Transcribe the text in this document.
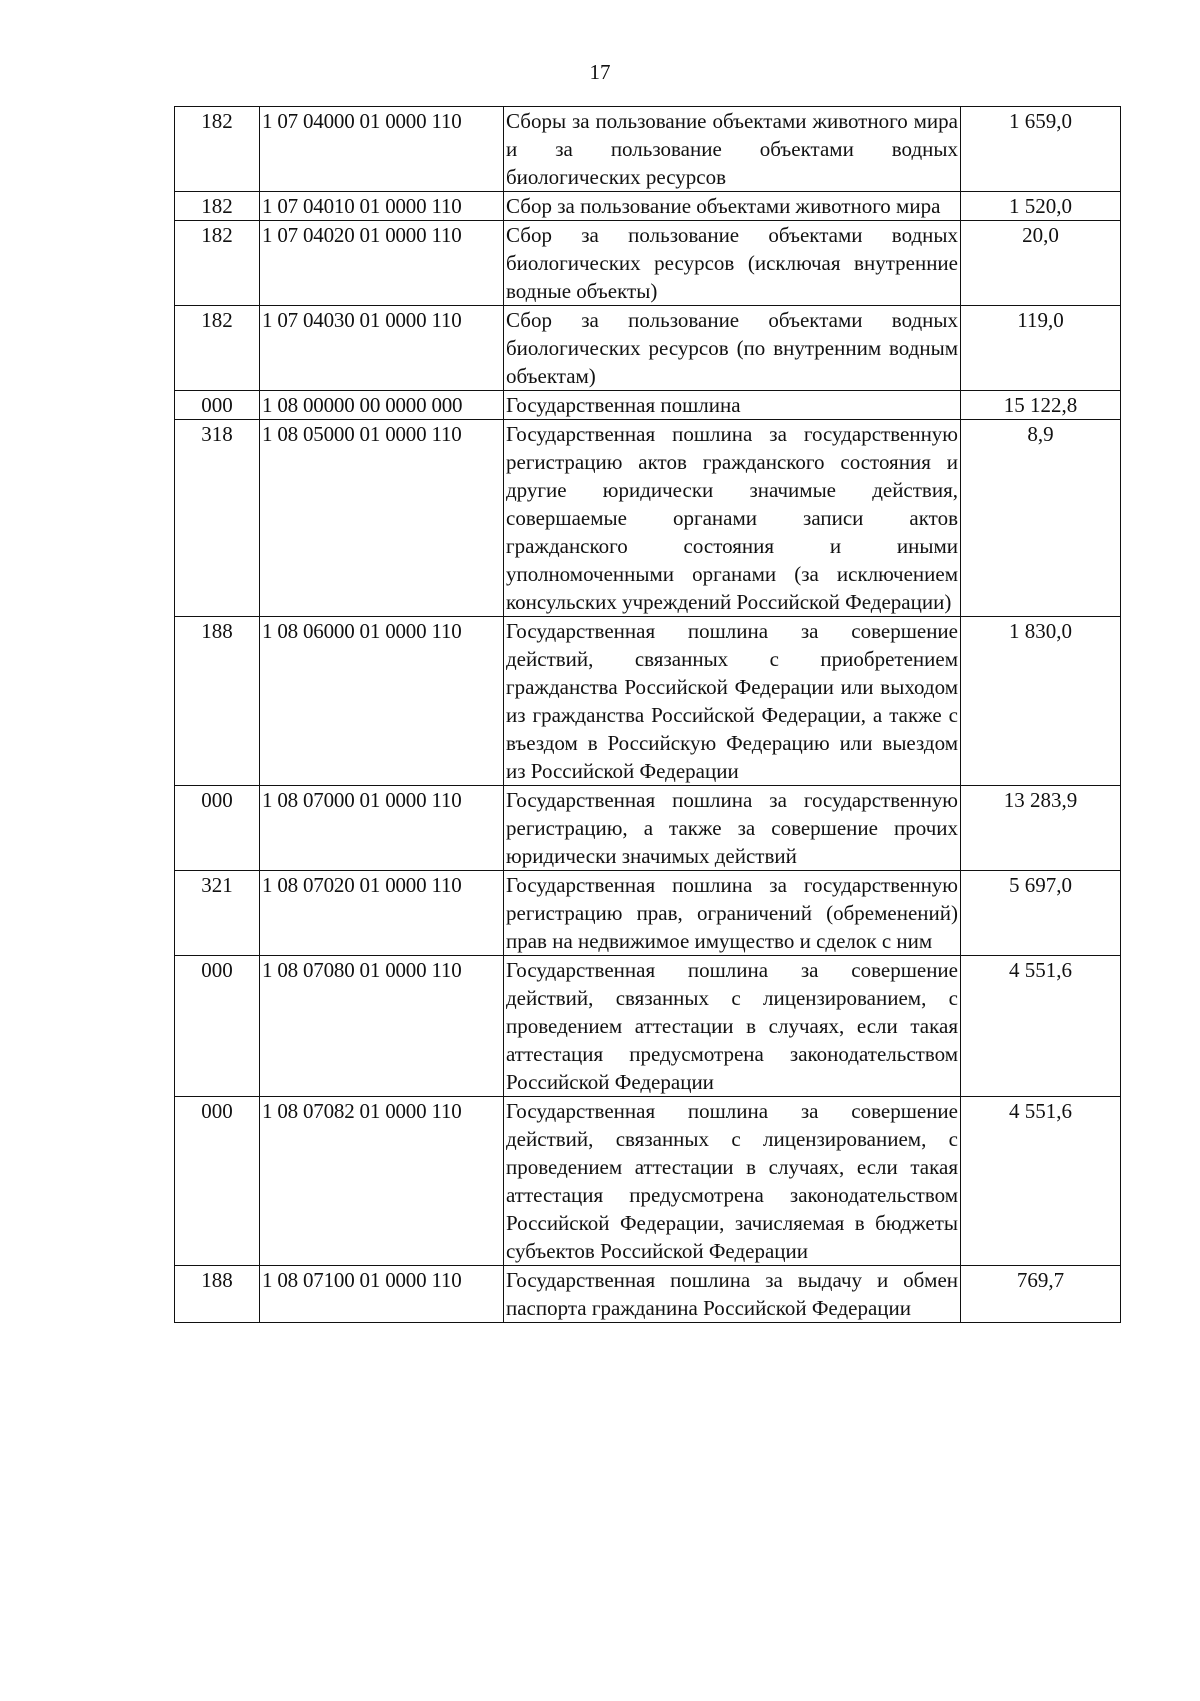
17
182	1 07 04000 01 0000 110	Сборы за пользование объектами животного мира и за пользование объектами водных биологических ресурсов	1 659,0
182	1 07 04010 01 0000 110	Сбор за пользование объектами животного мира	1 520,0
182	1 07 04020 01 0000 110	Сбор за пользование объектами водных биологических ресурсов (исключая внутренние водные объекты)	20,0
182	1 07 04030 01 0000 110	Сбор за пользование объектами водных биологических ресурсов (по внутренним водным объектам)	119,0
000	1 08 00000 00 0000 000	Государственная пошлина	15 122,8
318	1 08 05000 01 0000 110	Государственная пошлина за государственную регистрацию актов гражданского состояния и другие юридически значимые действия, совершаемые органами записи актов гражданского состояния и иными уполномоченными органами (за исключением консульских учреждений Российской Федерации)	8,9
188	1 08 06000 01 0000 110	Государственная пошлина за совершение действий, связанных с приобретением гражданства Российской Федерации или выходом из гражданства Российской Федерации, а также с въездом в Российскую Федерацию или выездом из Российской Федерации	1 830,0
000	1 08 07000 01 0000 110	Государственная пошлина за государственную регистрацию, а также за совершение прочих юридически значимых действий	13 283,9
321	1 08 07020 01 0000 110	Государственная пошлина за государственную регистрацию прав, ограничений (обременений) прав на недвижимое имущество и сделок с ним	5 697,0
000	1 08 07080 01 0000 110	Государственная пошлина за совершение действий, связанных с лицензированием, с проведением аттестации в случаях, если такая аттестация предусмотрена законодательством Российской Федерации	4 551,6
000	1 08 07082 01 0000 110	Государственная пошлина за совершение действий, связанных с лицензированием, с проведением аттестации в случаях, если такая аттестация предусмотрена законодательством Российской Федерации, зачисляемая в бюджеты субъектов Российской Федерации	4 551,6
188	1 08 07100 01 0000 110	Государственная пошлина за выдачу и обмен паспорта гражданина Российской Федерации	769,7
